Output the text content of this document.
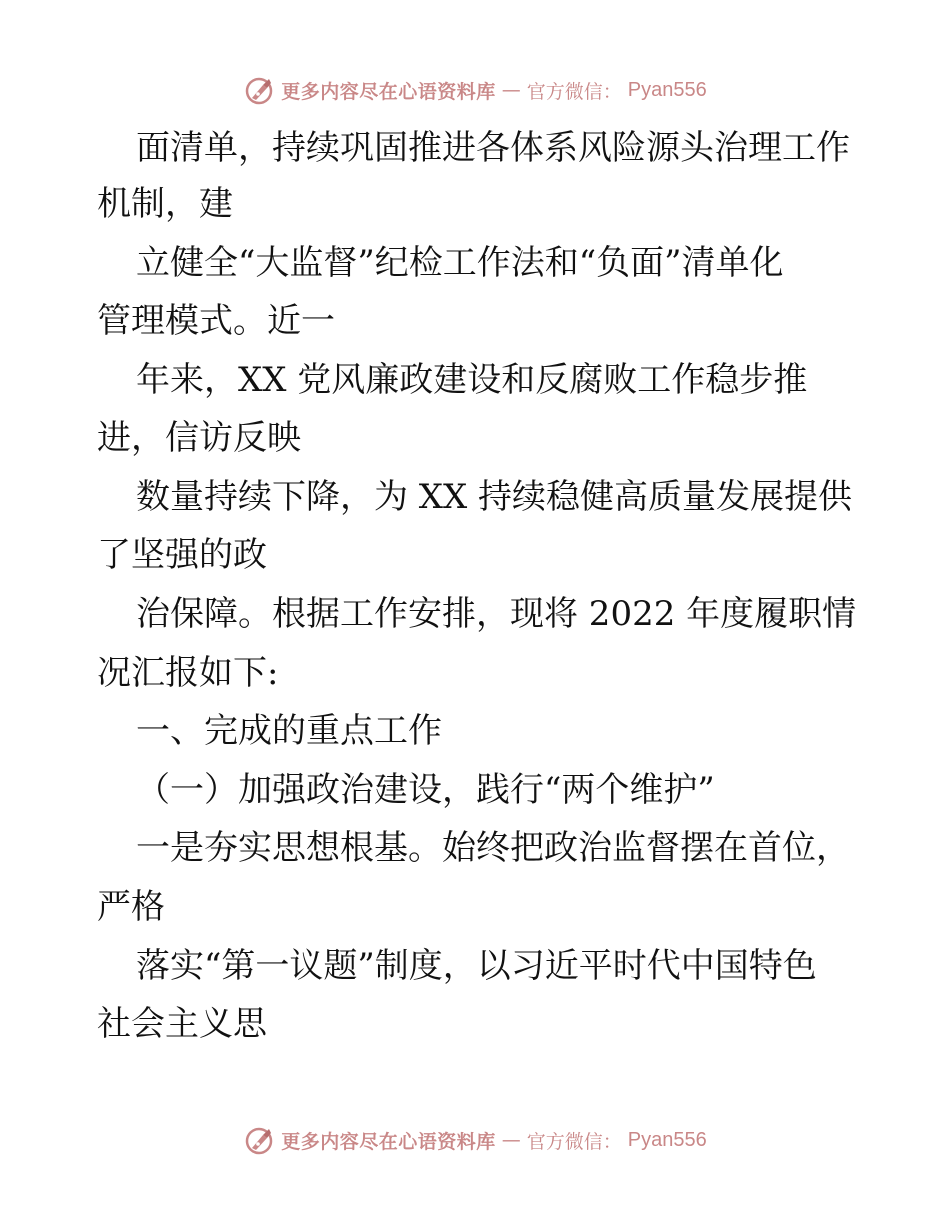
更多内容尽在心语资料库 — 官方微信： Pyan556
面清单，持续巩固推进各体系风险源头治理工作
机制，建
立健全“大监督”纪检工作法和“负面”清单化
管理模式。近一
年来，XX 党风廉政建设和反腐败工作稳步推
进，信访反映
数量持续下降，为 XX 持续稳健高质量发展提供
了坚强的政
治保障。根据工作安排，现将 2022 年度履职情
况汇报如下:
一、完成的重点工作
（一）加强政治建设，践行“两个维护”
一是夯实思想根基。始终把政治监督摆在首位，
严格
落实“第一议题”制度，以习近平时代中国特色
社会主义思
更多内容尽在心语资料库 — 官方微信： Pyan556
